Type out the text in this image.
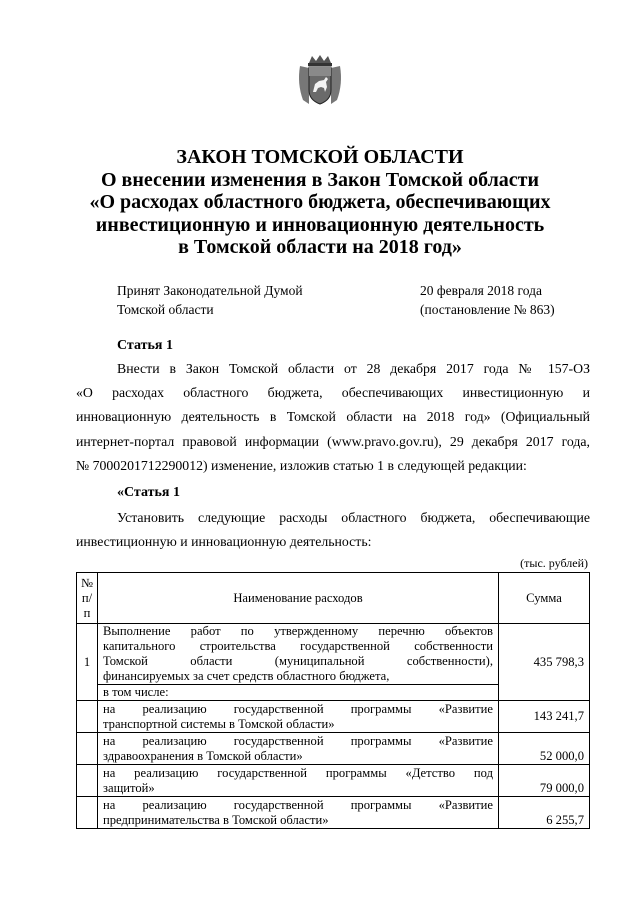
ЗАКОН ТОМСКОЙ ОБЛАСТИ
О внесении изменения в Закон Томской области
«О расходах областного бюджета, обеспечивающих
инвестиционную и инновационную деятельность
в Томской области на 2018 год»
Принят Законодательной Думой
Томской области
20 февраля 2018 года
(постановление № 863)
Статья 1
Внести в Закон Томской области от 28 декабря 2017 года № 157-ОЗ
«О расходах областного бюджета, обеспечивающих инвестиционную и
инновационную деятельность в Томской области на 2018 год» (Официальный
интернет-портал правовой информации (www.pravo.gov.ru), 29 декабря 2017 года,
№ 7000201712290012) изменение, изложив статью 1 в следующей редакции:
«Статья 1
Установить следующие расходы областного бюджета, обеспечивающие
инвестиционную и инновационную деятельность:
(тыс. рублей)
№
п/
п	Наименование расходов	Сумма
1	Выполнение работ по утвержденному перечню объектов
капитального строительства государственной собственности
Томской области (муниципальной собственности),
финансируемых за счет средств областного бюджета,	435 798,3
	в том числе:	

	на реализацию государственной программы «Развитие
транспортной системы в Томской области»	143 241,7

	на реализацию государственной программы «Развитие
здравоохранения в Томской области»	52 000,0

	на реализацию государственной программы «Детство под
защитой»	79 000,0

	на реализацию государственной программы «Развитие
предпринимательства в Томской области»	6 255,7
